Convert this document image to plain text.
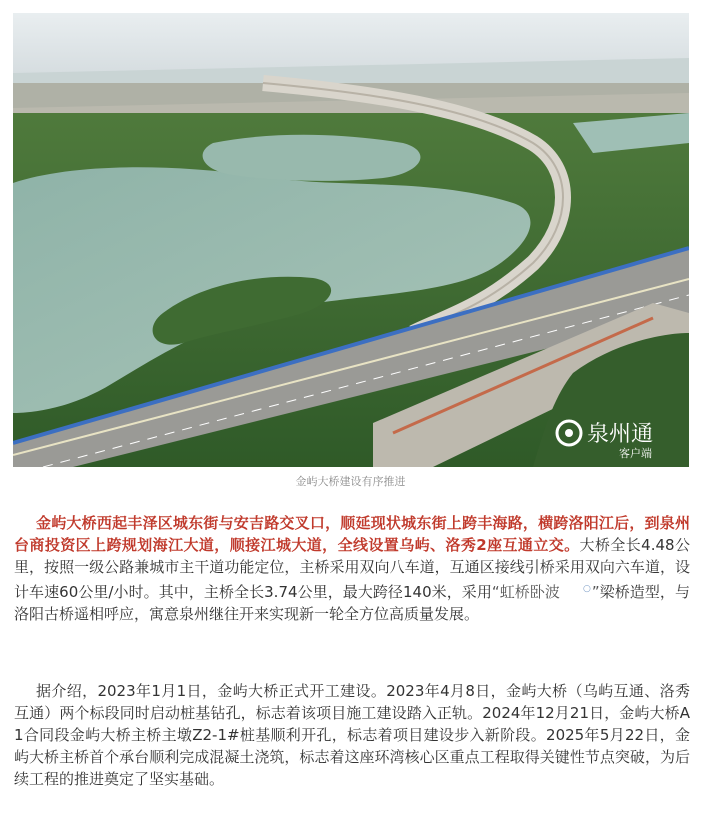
泉州通
客户端
金屿大桥建设有序推进

金屿大桥西起丰泽区城东街与安吉路交叉口，顺延现状城东街上跨丰海路，横跨洛阳江后，到泉州台商投资区上跨规划海江大道，顺接江城大道，全线设置乌屿、洛秀2座互通立交。大桥全长4.48公里，按照一级公路兼城市主干道功能定位，主桥采用双向八车道，互通区接线引桥采用双向六车道，设计车速60公里/小时。其中，主桥全长3.74公里，最大跨径140米，采用“虹桥卧波	○”梁桥造型，与洛阳古桥遥相呼应，寓意泉州继往开来实现新一轮全方位高质量发展。

据介绍，2023年1月1日，金屿大桥正式开工建设。2023年4月8日，金屿大桥（乌屿互通、洛秀互通）两个标段同时启动桩基钻孔，标志着该项目施工建设踏入正轨。2024年12月21日，金屿大桥A1合同段金屿大桥主桥主墩Z2-1#桩基顺利开孔，标志着项目建设步入新阶段。2025年5月22日，金屿大桥主桥首个承台顺利完成混凝土浇筑，标志着这座环湾核心区重点工程取得关键性节点突破，为后续工程的推进奠定了坚实基础。
